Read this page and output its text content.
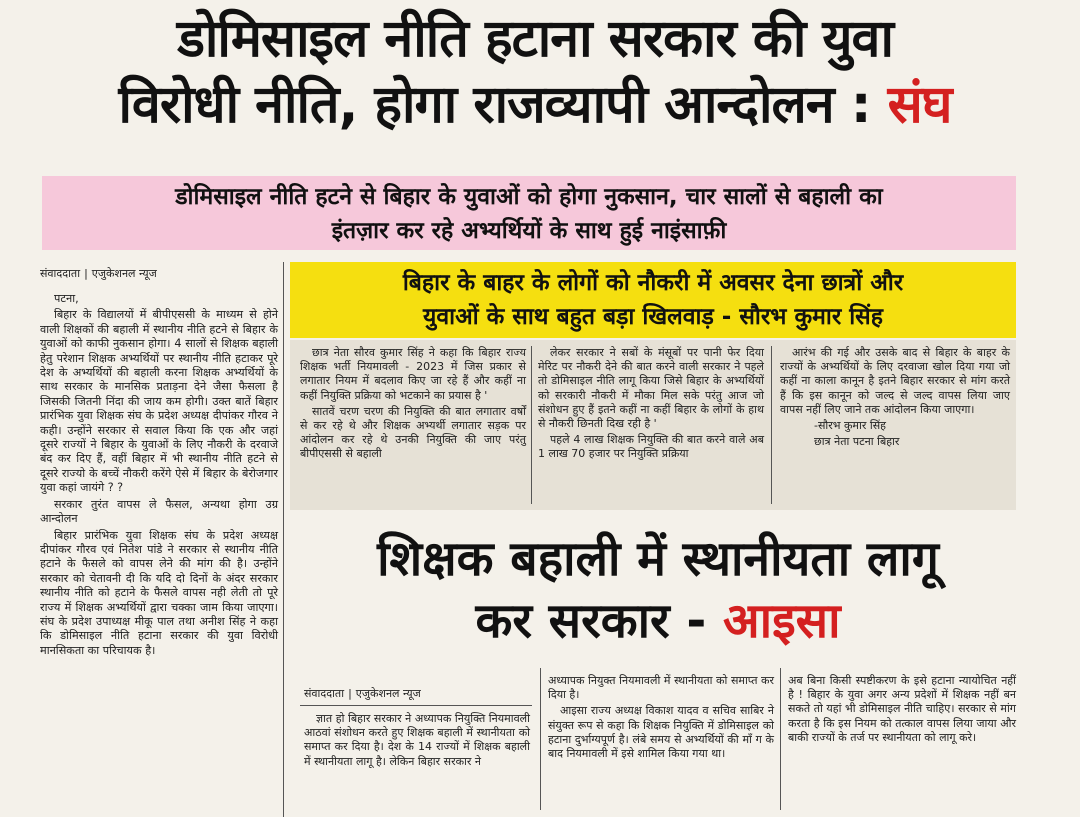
डोमिसाइल नीति हटाना सरकार की युवा
विरोधी नीति, होगा राजव्यापी आन्दोलन : संघ
डोमिसाइल नीति हटने से बिहार के युवाओं को होगा नुकसान, चार सालों से बहाली का
इंतज़ार कर रहे अभ्यर्थियों के साथ हुई नाइंसाफ़ी
संवाददाता | एजुकेशनल न्यूज

पटना,

बिहार के विद्यालयों में बीपीएससी के माध्यम से होने वाली शिक्षकों की बहाली में स्थानीय नीति हटने से बिहार के युवाओं को काफी नुकसान होगा। 4 सालों से शिक्षक बहाली हेतु परेशान शिक्षक अभ्यर्थियों पर स्थानीय नीति हटाकर पूरे देश के अभ्यर्थियों की बहाली करना शिक्षक अभ्यर्थियों के साथ सरकार के मानसिक प्रताड़ना देने जैसा फैसला है जिसकी जितनी निंदा की जाय कम होगी। उक्त बातें बिहार प्रारंभिक युवा शिक्षक संघ के प्रदेश अध्यक्ष दीपांकर गौरव ने कही। उन्होंने सरकार से सवाल किया कि एक और जहां दूसरे राज्यों ने बिहार के युवाओं के लिए नौकरी के दरवाजे बंद कर दिए हैं, वहीं बिहार में भी स्थानीय नीति हटने से दूसरे राज्यो के बच्चें नौकरी करेंगे ऐसे में बिहार के बेरोजगार युवा कहां जायंगे ? ?

सरकार तुरंत वापस ले फैसल, अन्यथा होगा उग्र आन्दोलन

बिहार प्रारंभिक युवा शिक्षक संघ के प्रदेश अध्यक्ष दीपांकर गौरव एवं नितेश पांडे ने सरकार से स्थानीय नीति हटाने के फैसले को वापस लेने की मांग की है। उन्होंने सरकार को चेतावनी दी कि यदि दो दिनों के अंदर सरकार स्थानीय नीति को हटाने के फैसले वापस नही लेती तो पूरे राज्य में शिक्षक अभ्यर्थियों द्वारा चक्का जाम किया जाएगा। संघ के प्रदेश उपाध्यक्ष मीकू पाल तथा अनीश सिंह ने कहा कि डोमिसाइल नीति हटाना सरकार की युवा विरोधी मानसिकता का परिचायक है।

बिहार के बाहर के लोगों को नौकरी में अवसर देना छात्रों और
युवाओं के साथ बहुत बड़ा खिलवाड़ - सौरभ कुमार सिंह

छात्र नेता सौरव कुमार सिंह ने कहा कि बिहार राज्य शिक्षक भर्ती नियमावली - 2023 में जिस प्रकार से लगातार नियम में बदलाव किए जा रहे हैं और कहीं ना कहीं नियुक्ति प्रक्रिया को भटकाने का प्रयास है '

सातवें चरण चरण की नियुक्ति की बात लगातार वर्षों से कर रहे थे और शिक्षक अभ्यर्थी लगातार सड़क पर आंदोलन कर रहे थे उनकी नियुक्ति की जाए परंतु बीपीएससी से बहाली

लेकर सरकार ने सबों के मंसूबों पर पानी फेर दिया मेरिट पर नौकरी देने की बात करने वाली सरकार ने पहले तो डोमिसाइल नीति लागू किया जिसे बिहार के अभ्यर्थियों को सरकारी नौकरी में मौका मिल सके परंतु आज जो संशोधन हुए हैं इतने कहीं ना कहीं बिहार के लोगों के हाथ से नौकरी छिनती दिख रही है '

पहले 4 लाख शिक्षक नियुक्ति की बात करने वाले अब 1 लाख 70 हजार पर नियुक्ति प्रक्रिया

आरंभ की गई और उसके बाद से बिहार के बाहर के राज्यों के अभ्यर्थियों के लिए दरवाजा खोल दिया गया जो कहीं ना काला कानून है इतने बिहार सरकार से मांग करते हैं कि इस कानून को जल्द से जल्द वापस लिया जाए वापस नहीं लिए जाने तक आंदोलन किया जाएगा।

-सौरभ कुमार सिंह

छात्र नेता पटना बिहार

शिक्षक बहाली में स्थानीयता लागू
कर सरकार - आइसा
संवाददाता | एजुकेशनल न्यूज

ज्ञात हो बिहार सरकार ने अध्यापक नियुक्ति नियमावली आठवां संशोधन करते हुए शिक्षक बहाली में स्थानीयता को समाप्त कर दिया है। देश के 14 राज्यों में शिक्षक बहाली में स्थानीयता लागू है। लेकिन बिहार सरकार ने

अध्यापक नियुक्त नियमावली में स्थानीयता को समाप्त कर दिया है।

आइसा राज्य अध्यक्ष विकाश यादव व सचिव साबिर ने संयुक्त रूप से कहा कि शिक्षक नियुक्ति में डोमिसाइल को हटाना दुर्भाग्यपूर्ण है। लंबे समय से अभ्यर्थियों की माँ ग के बाद नियमावली में इसे शामिल किया गया था।

अब बिना किसी स्पष्टीकरण के इसे हटाना न्यायोचित नहीं है ! बिहार के युवा अगर अन्य प्रदेशों में शिक्षक नहीं बन सकते तो यहां भी डोमिसाइल नीति चाहिए। सरकार से मांग करता है कि इस नियम को तत्काल वापस लिया जाया और बाकी राज्यों के तर्ज पर स्थानीयता को लागू करे।
